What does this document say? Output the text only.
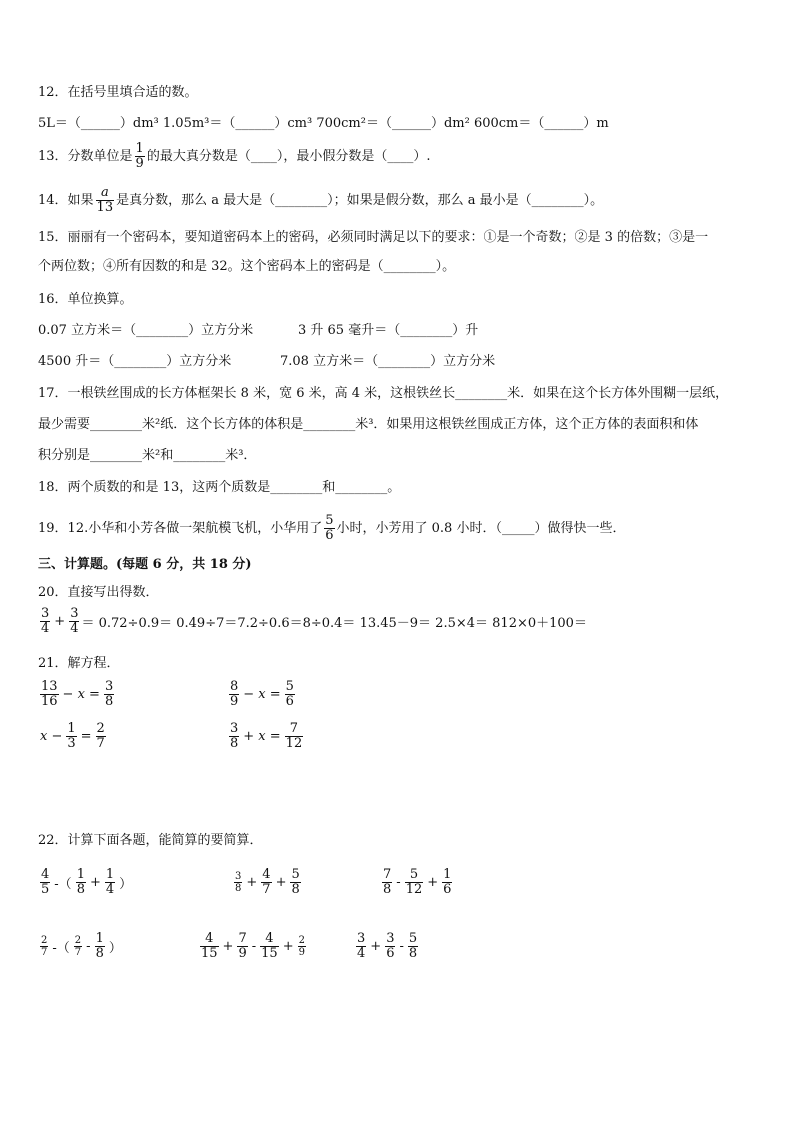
12．在括号里填合适的数。
5L＝（______）dm³ 1.05m³＝（______）cm³ 700cm²＝（______）dm² 600cm＝（______）m
13．分数单位是 $\frac{1}{9}$ 的最大真分数是（____），最小假分数是（____）.
14．如果 $\frac{a}{13}$ 是真分数，那么 a 最大是（________）；如果是假分数，那么 a 最小是（________）。
15．丽丽有一个密码本，要知道密码本上的密码，必须同时满足以下的要求：①是一个奇数；②是 3 的倍数；③是一
个两位数；④所有因数的和是 32。这个密码本上的密码是（________）。
16．单位换算。
0.07 立方米＝（________）立方分米	3 升 65 毫升＝（________）升
4500 升＝（________）立方分米	7.08 立方米＝（________）立方分米
17．一根铁丝围成的长方体框架长 8 米，宽 6 米，高 4 米，这根铁丝长________米．如果在这个长方体外围糊一层纸，
最少需要________米²纸．这个长方体的体积是________米³．如果用这根铁丝围成正方体，这个正方体的表面积和体
积分别是________米²和________米³．
18．两个质数的和是 13，这两个质数是________和________。
19．12.小华和小芳各做一架航模飞机，小华用了 $\frac{5}{6}$ 小时，小芳用了 0.8 小时．（_____）做得快一些．
三、计算题。(每题 6 分，共 18 分)
20．直接写出得数．
$\frac{3}{4} + \frac{3}{4} = 0.72\div 0.9= 0.49\div 7=7.2\div 0.6=8\div 0.4= 13.45-9= 2.5\times 4= 812\times 0+100=$
21．解方程．
$\frac{13}{16} - x = \frac{3}{8}$	$\frac{8}{9} - x = \frac{5}{6}$
$x - \frac{1}{3} = \frac{2}{7}$	$\frac{3}{8} + x = \frac{7}{12}$
22．计算下面各题，能简算的要简算．
$\frac{4}{5}$ -（ $\frac{1}{8} + \frac{1}{4}$ ）	$\frac{3}{8} + \frac{4}{7} + \frac{5}{8}$	$\frac{7}{8} - \frac{5}{12} + \frac{1}{6}$
$\frac{2}{7}$ -（ $\frac{2}{7} - \frac{1}{8}$ ）	$\frac{4}{15} + \frac{7}{9} - \frac{4}{15} + \frac{2}{9}$	$\frac{3}{4} + \frac{3}{6} - \frac{5}{8}$
